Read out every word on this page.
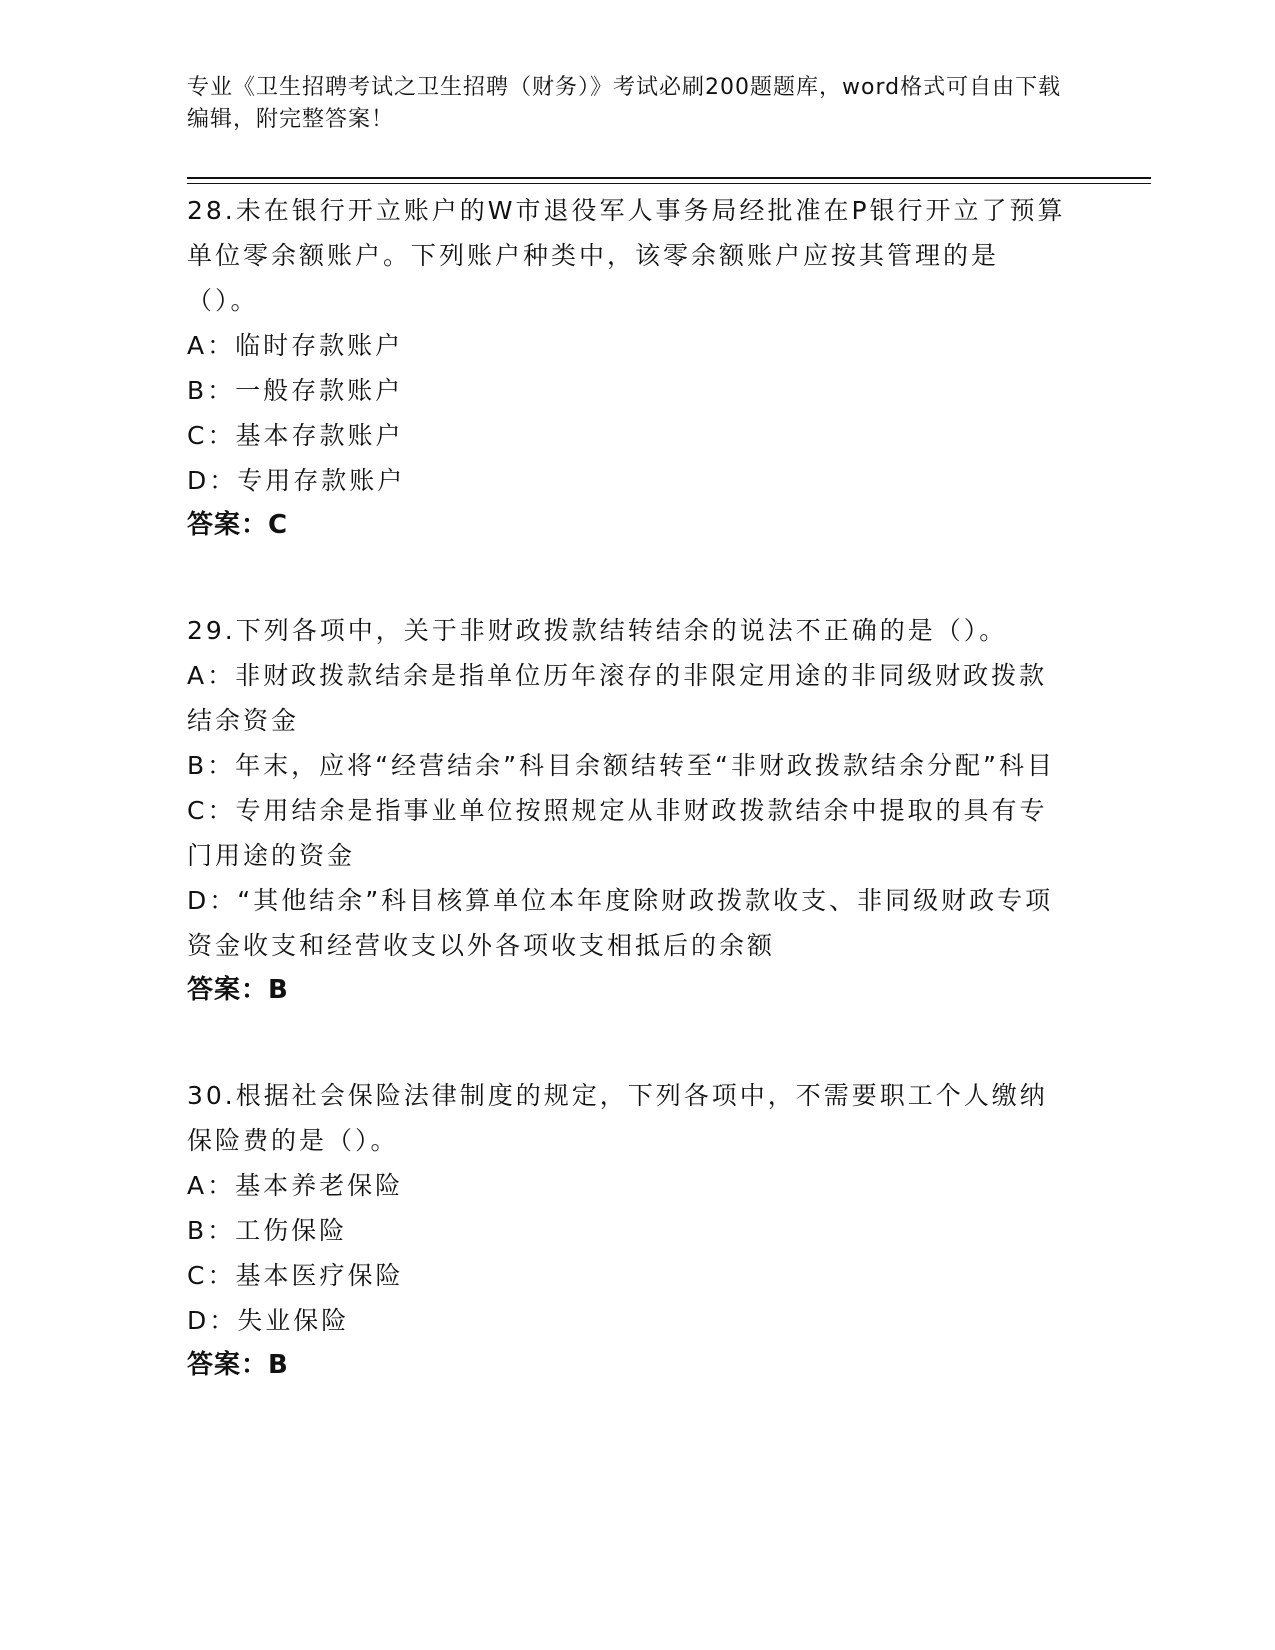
专业《卫生招聘考试之卫生招聘（财务）》考试必刷200题题库，word格式可自由下载编辑，附完整答案！

28.未在银行开立账户的W市退役军人事务局经批准在P银行开立了预算单位零余额账户。下列账户种类中，该零余额账户应按其管理的是（）。

A：临时存款账户

B：一般存款账户

C：基本存款账户

D：专用存款账户

答案：C

29.下列各项中，关于非财政拨款结转结余的说法不正确的是（）。

A：非财政拨款结余是指单位历年滚存的非限定用途的非同级财政拨款结余资金

B：年末，应将“经营结余”科目余额结转至“非财政拨款结余分配”科目

C：专用结余是指事业单位按照规定从非财政拨款结余中提取的具有专门用途的资金

D：“其他结余”科目核算单位本年度除财政拨款收支、非同级财政专项资金收支和经营收支以外各项收支相抵后的余额

答案：B

30.根据社会保险法律制度的规定，下列各项中，不需要职工个人缴纳保险费的是（）。

A：基本养老保险

B：工伤保险

C：基本医疗保险

D：失业保险

答案：B
